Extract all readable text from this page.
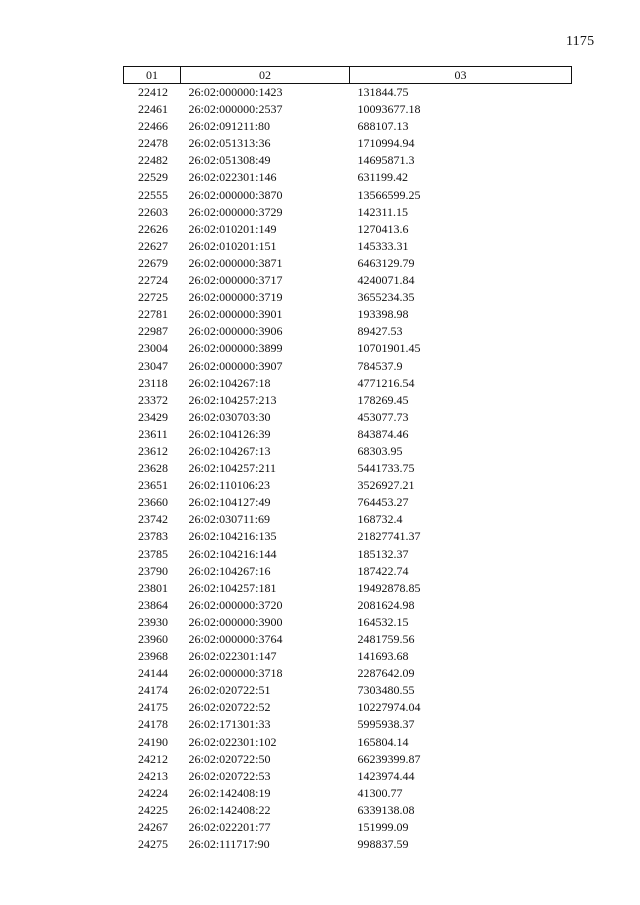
1175
01	02	03
22412	26:02:000000:1423	131844.75
22461	26:02:000000:2537	10093677.18
22466	26:02:091211:80	688107.13
22478	26:02:051313:36	1710994.94
22482	26:02:051308:49	14695871.3
22529	26:02:022301:146	631199.42
22555	26:02:000000:3870	13566599.25
22603	26:02:000000:3729	142311.15
22626	26:02:010201:149	1270413.6
22627	26:02:010201:151	145333.31
22679	26:02:000000:3871	6463129.79
22724	26:02:000000:3717	4240071.84
22725	26:02:000000:3719	3655234.35
22781	26:02:000000:3901	193398.98
22987	26:02:000000:3906	89427.53
23004	26:02:000000:3899	10701901.45
23047	26:02:000000:3907	784537.9
23118	26:02:104267:18	4771216.54
23372	26:02:104257:213	178269.45
23429	26:02:030703:30	453077.73
23611	26:02:104126:39	843874.46
23612	26:02:104267:13	68303.95
23628	26:02:104257:211	5441733.75
23651	26:02:110106:23	3526927.21
23660	26:02:104127:49	764453.27
23742	26:02:030711:69	168732.4
23783	26:02:104216:135	21827741.37
23785	26:02:104216:144	185132.37
23790	26:02:104267:16	187422.74
23801	26:02:104257:181	19492878.85
23864	26:02:000000:3720	2081624.98
23930	26:02:000000:3900	164532.15
23960	26:02:000000:3764	2481759.56
23968	26:02:022301:147	141693.68
24144	26:02:000000:3718	2287642.09
24174	26:02:020722:51	7303480.55
24175	26:02:020722:52	10227974.04
24178	26:02:171301:33	5995938.37
24190	26:02:022301:102	165804.14
24212	26:02:020722:50	66239399.87
24213	26:02:020722:53	1423974.44
24224	26:02:142408:19	41300.77
24225	26:02:142408:22	6339138.08
24267	26:02:022201:77	151999.09
24275	26:02:111717:90	998837.59
